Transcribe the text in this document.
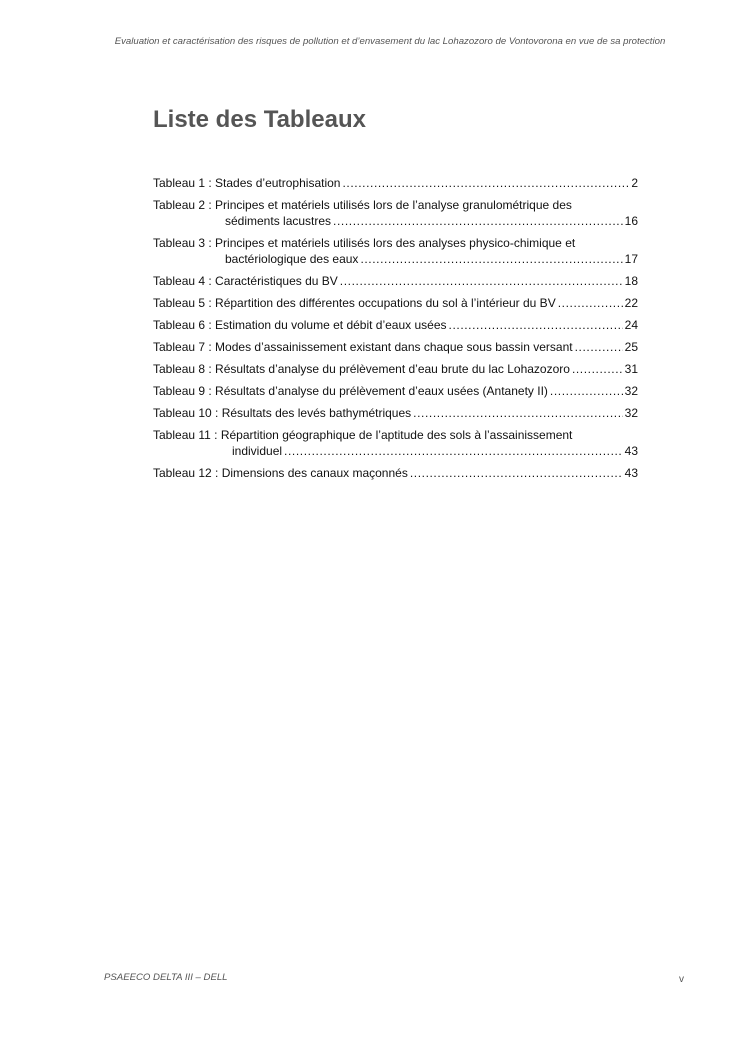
Evaluation et caractérisation des risques de pollution et d’envasement du lac Lohazozoro de Vontovorona en vue de sa protection
Liste des Tableaux
Tableau 1 : Stades d’eutrophisation .....	2
Tableau 2 : Principes et matériels utilisés lors de l’analyse granulométrique des
sédiments lacustres .....	16
Tableau 3 : Principes et matériels utilisés lors des analyses physico-chimique et
bactériologique des eaux .....	17
Tableau 4 : Caractéristiques du BV .....	18
Tableau 5 : Répartition des différentes occupations du sol à l’intérieur du BV .....	22
Tableau 6 : Estimation du volume et débit d’eaux usées .....	24
Tableau 7 : Modes d’assainissement existant dans chaque sous bassin versant .....	25
Tableau 8 : Résultats d’analyse du prélèvement d’eau brute du lac Lohazozoro .....	31
Tableau 9 : Résultats d’analyse du prélèvement d’eaux usées (Antanety II) .....	32
Tableau 10 : Résultats des levés bathymétriques .....	32
Tableau 11 : Répartition géographique de l’aptitude des sols à l’assainissement
individuel .....	43
Tableau 12 : Dimensions des canaux maçonnés .....	43
PSAEECO DELTA III – DELL	v
